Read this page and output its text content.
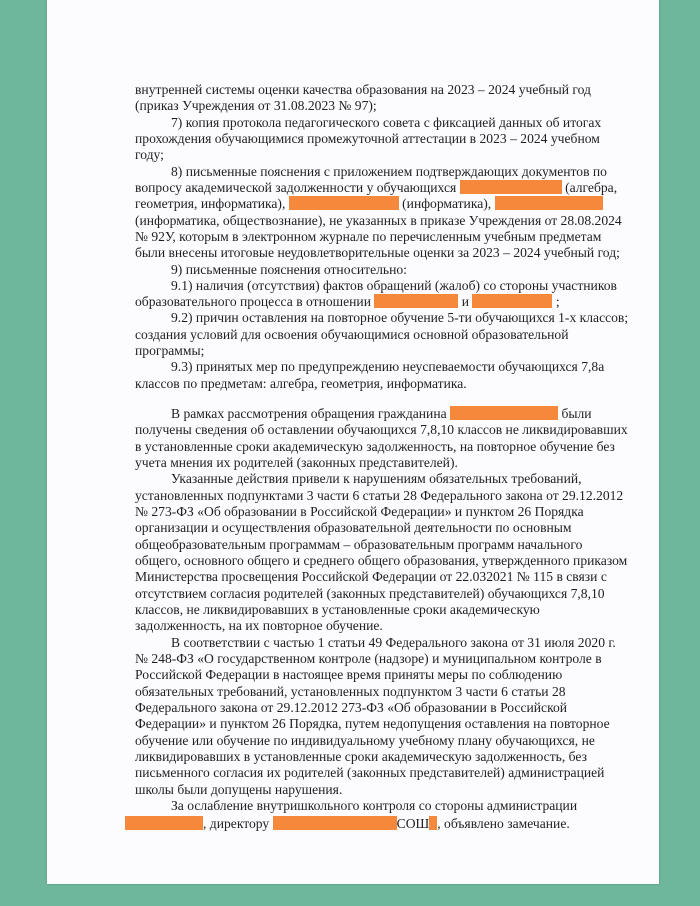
внутренней системы оценки качества образования на 2023 – 2024 учебный год
(приказ Учреждения от 31.08.2023 № 97);
7) копия протокола педагогического совета с фиксацией данных об итогах
прохождения обучающимися промежуточной аттестации в 2023 – 2024 учебном
году;
8) письменные пояснения с приложением подтверждающих документов по
вопросу академической задолженности у обучающихся	(алгебра,
геометрия, информатика),	(информатика),
(информатика, обществознание), не указанных в приказе Учреждения от 28.08.2024
№ 92У, которым в электронном журнале по перечисленным учебным предметам
были внесены итоговые неудовлетворительные оценки за 2023 – 2024 учебный год;
9) письменные пояснения относительно:
9.1) наличия (отсутствия) фактов обращений (жалоб) со стороны участников
образовательного процесса в отношении	и	;
9.2) причин оставления на повторное обучение 5-ти обучающихся 1-х классов;
создания условий для освоения обучающимися основной образовательной
программы;
9.3) принятых мер по предупреждению неуспеваемости обучающихся 7,8а
классов по предметам: алгебра, геометрия, информатика.
В рамках рассмотрения обращения гражданина	были
получены сведения об оставлении обучающихся 7,8,10 классов не ликвидировавших
в установленные сроки академическую задолженность, на повторное обучение без
учета мнения их родителей (законных представителей).
Указанные действия привели к нарушениям обязательных требований,
установленных подпунктами 3 части 6 статьи 28 Федерального закона от 29.12.2012
№ 273-ФЗ «Об образовании в Российской Федерации» и пунктом 26 Порядка
организации и осуществления образовательной деятельности по основным
общеобразовательным программам – образовательным программ начального
общего, основного общего и среднего общего образования, утвержденного приказом
Министерства просвещения Российской Федерации от 22.032021 № 115 в связи с
отсутствием согласия родителей (законных представителей) обучающихся 7,8,10
классов, не ликвидировавших в установленные сроки академическую
задолженность, на их повторное обучение.
В соответствии с частью 1 статьи 49 Федерального закона от 31 июля 2020 г.
№ 248-ФЗ «О государственном контроле (надзоре) и муниципальном контроле в
Российской Федерации в настоящее время приняты меры по соблюдению
обязательных требований, установленных подпунктом 3 части 6 статьи 28
Федерального закона от 29.12.2012 273-ФЗ «Об образовании в Российской
Федерации» и пунктом 26 Порядка, путем недопущения оставления на повторное
обучение или обучение по индивидуальному учебному плану обучающихся, не
ликвидировавших в установленные сроки академическую задолженность, без
письменного согласия их родителей (законных представителей) администрацией
школы были допущены нарушения.
За ослабление внутришкольного контроля со стороны администрации
, директору	СОШ , объявлено замечание.
